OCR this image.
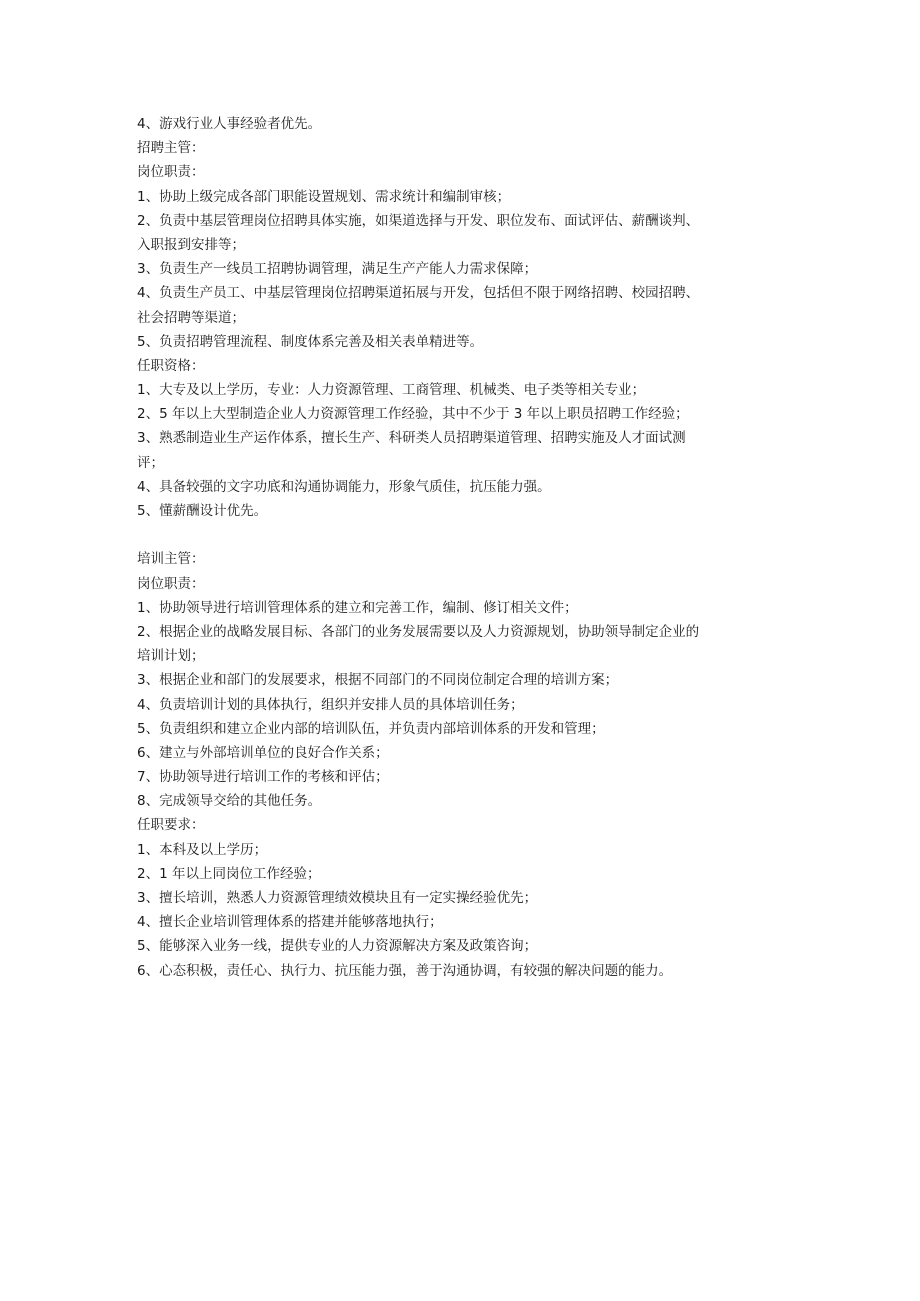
4、游戏行业人事经验者优先。
招聘主管：
岗位职责：
1、协助上级完成各部门职能设置规划、需求统计和编制审核；
2、负责中基层管理岗位招聘具体实施，如渠道选择与开发、职位发布、面试评估、薪酬谈判、
入职报到安排等；
3、负责生产一线员工招聘协调管理，满足生产产能人力需求保障；
4、负责生产员工、中基层管理岗位招聘渠道拓展与开发，包括但不限于网络招聘、校园招聘、
社会招聘等渠道；
5、负责招聘管理流程、制度体系完善及相关表单精进等。
任职资格：
1、大专及以上学历，专业：人力资源管理、工商管理、机械类、电子类等相关专业；
2、5 年以上大型制造企业人力资源管理工作经验，其中不少于 3 年以上职员招聘工作经验；
3、熟悉制造业生产运作体系，擅长生产、科研类人员招聘渠道管理、招聘实施及人才面试测
评；
4、具备较强的文字功底和沟通协调能力，形象气质佳，抗压能力强。
5、懂薪酬设计优先。
培训主管：
岗位职责：
1、协助领导进行培训管理体系的建立和完善工作，编制、修订相关文件；
2、根据企业的战略发展目标、各部门的业务发展需要以及人力资源规划，协助领导制定企业的
培训计划；
3、根据企业和部门的发展要求，根据不同部门的不同岗位制定合理的培训方案；
4、负责培训计划的具体执行，组织并安排人员的具体培训任务；
5、负责组织和建立企业内部的培训队伍，并负责内部培训体系的开发和管理；
6、建立与外部培训单位的良好合作关系；
7、协助领导进行培训工作的考核和评估；
8、完成领导交给的其他任务。
任职要求：
1、本科及以上学历；
2、1 年以上同岗位工作经验；
3、擅长培训，熟悉人力资源管理绩效模块且有一定实操经验优先；
4、擅长企业培训管理体系的搭建并能够落地执行；
5、能够深入业务一线，提供专业的人力资源解决方案及政策咨询；
6、心态积极，责任心、执行力、抗压能力强，善于沟通协调，有较强的解决问题的能力。
